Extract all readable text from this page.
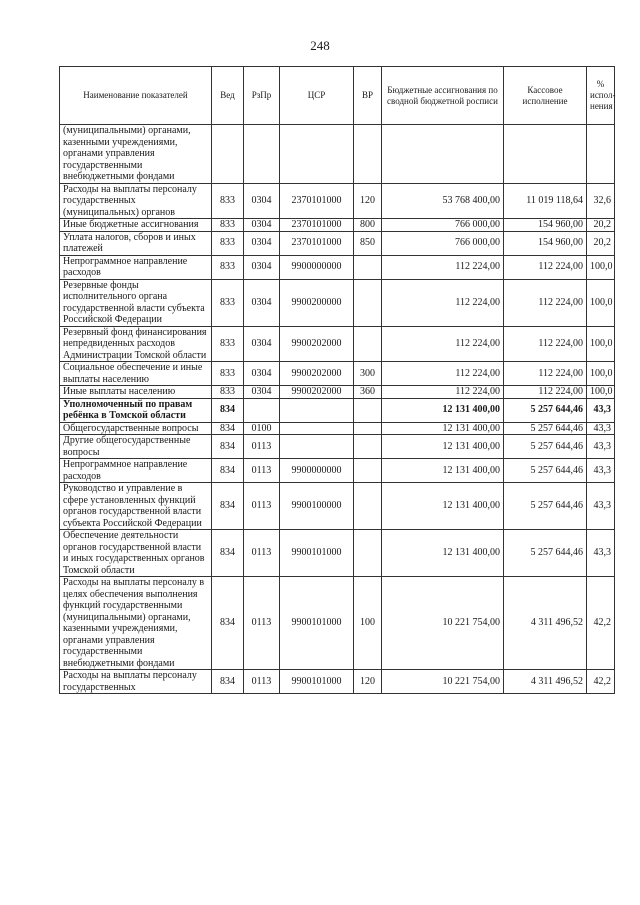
248
Наименование показателей	Вед	РзПр	ЦСР	ВР	Бюджетные ассигнования по сводной бюджетной росписи	Кассовое исполнение	% испол-нения
(муниципальными) органами, казенными учреждениями, органами управления государственными внебюджетными фондами							
Расходы на выплаты персоналу государственных (муниципальных) органов	833	0304	2370101000	120	53 768 400,00	11 019 118,64	32,6
Иные бюджетные ассигнования	833	0304	2370101000	800	766 000,00	154 960,00	20,2
Уплата налогов, сборов и иных платежей	833	0304	2370101000	850	766 000,00	154 960,00	20,2
Непрограммное направление расходов	833	0304	9900000000		112 224,00	112 224,00	100,0
Резервные фонды исполнительного органа государственной власти субъекта Российской Федерации	833	0304	9900200000		112 224,00	112 224,00	100,0
Резервный фонд финансирования непредвиденных расходов Администрации Томской области	833	0304	9900202000		112 224,00	112 224,00	100,0
Социальное обеспечение и иные выплаты населению	833	0304	9900202000	300	112 224,00	112 224,00	100,0
Иные выплаты населению	833	0304	9900202000	360	112 224,00	112 224,00	100,0
Уполномоченный по правам ребёнка в Томской области	834				12 131 400,00	5 257 644,46	43,3
Общегосударственные вопросы	834	0100			12 131 400,00	5 257 644,46	43,3
Другие общегосударственные вопросы	834	0113			12 131 400,00	5 257 644,46	43,3
Непрограммное направление расходов	834	0113	9900000000		12 131 400,00	5 257 644,46	43,3
Руководство и управление в сфере установленных функций органов государственной власти субъекта Российской Федерации	834	0113	9900100000		12 131 400,00	5 257 644,46	43,3
Обеспечение деятельности органов государственной власти и иных государственных органов Томской области	834	0113	9900101000		12 131 400,00	5 257 644,46	43,3
Расходы на выплаты персоналу в целях обеспечения выполнения функций государственными (муниципальными) органами, казенными учреждениями, органами управления государственными внебюджетными фондами	834	0113	9900101000	100	10 221 754,00	4 311 496,52	42,2
Расходы на выплаты персоналу государственных	834	0113	9900101000	120	10 221 754,00	4 311 496,52	42,2
